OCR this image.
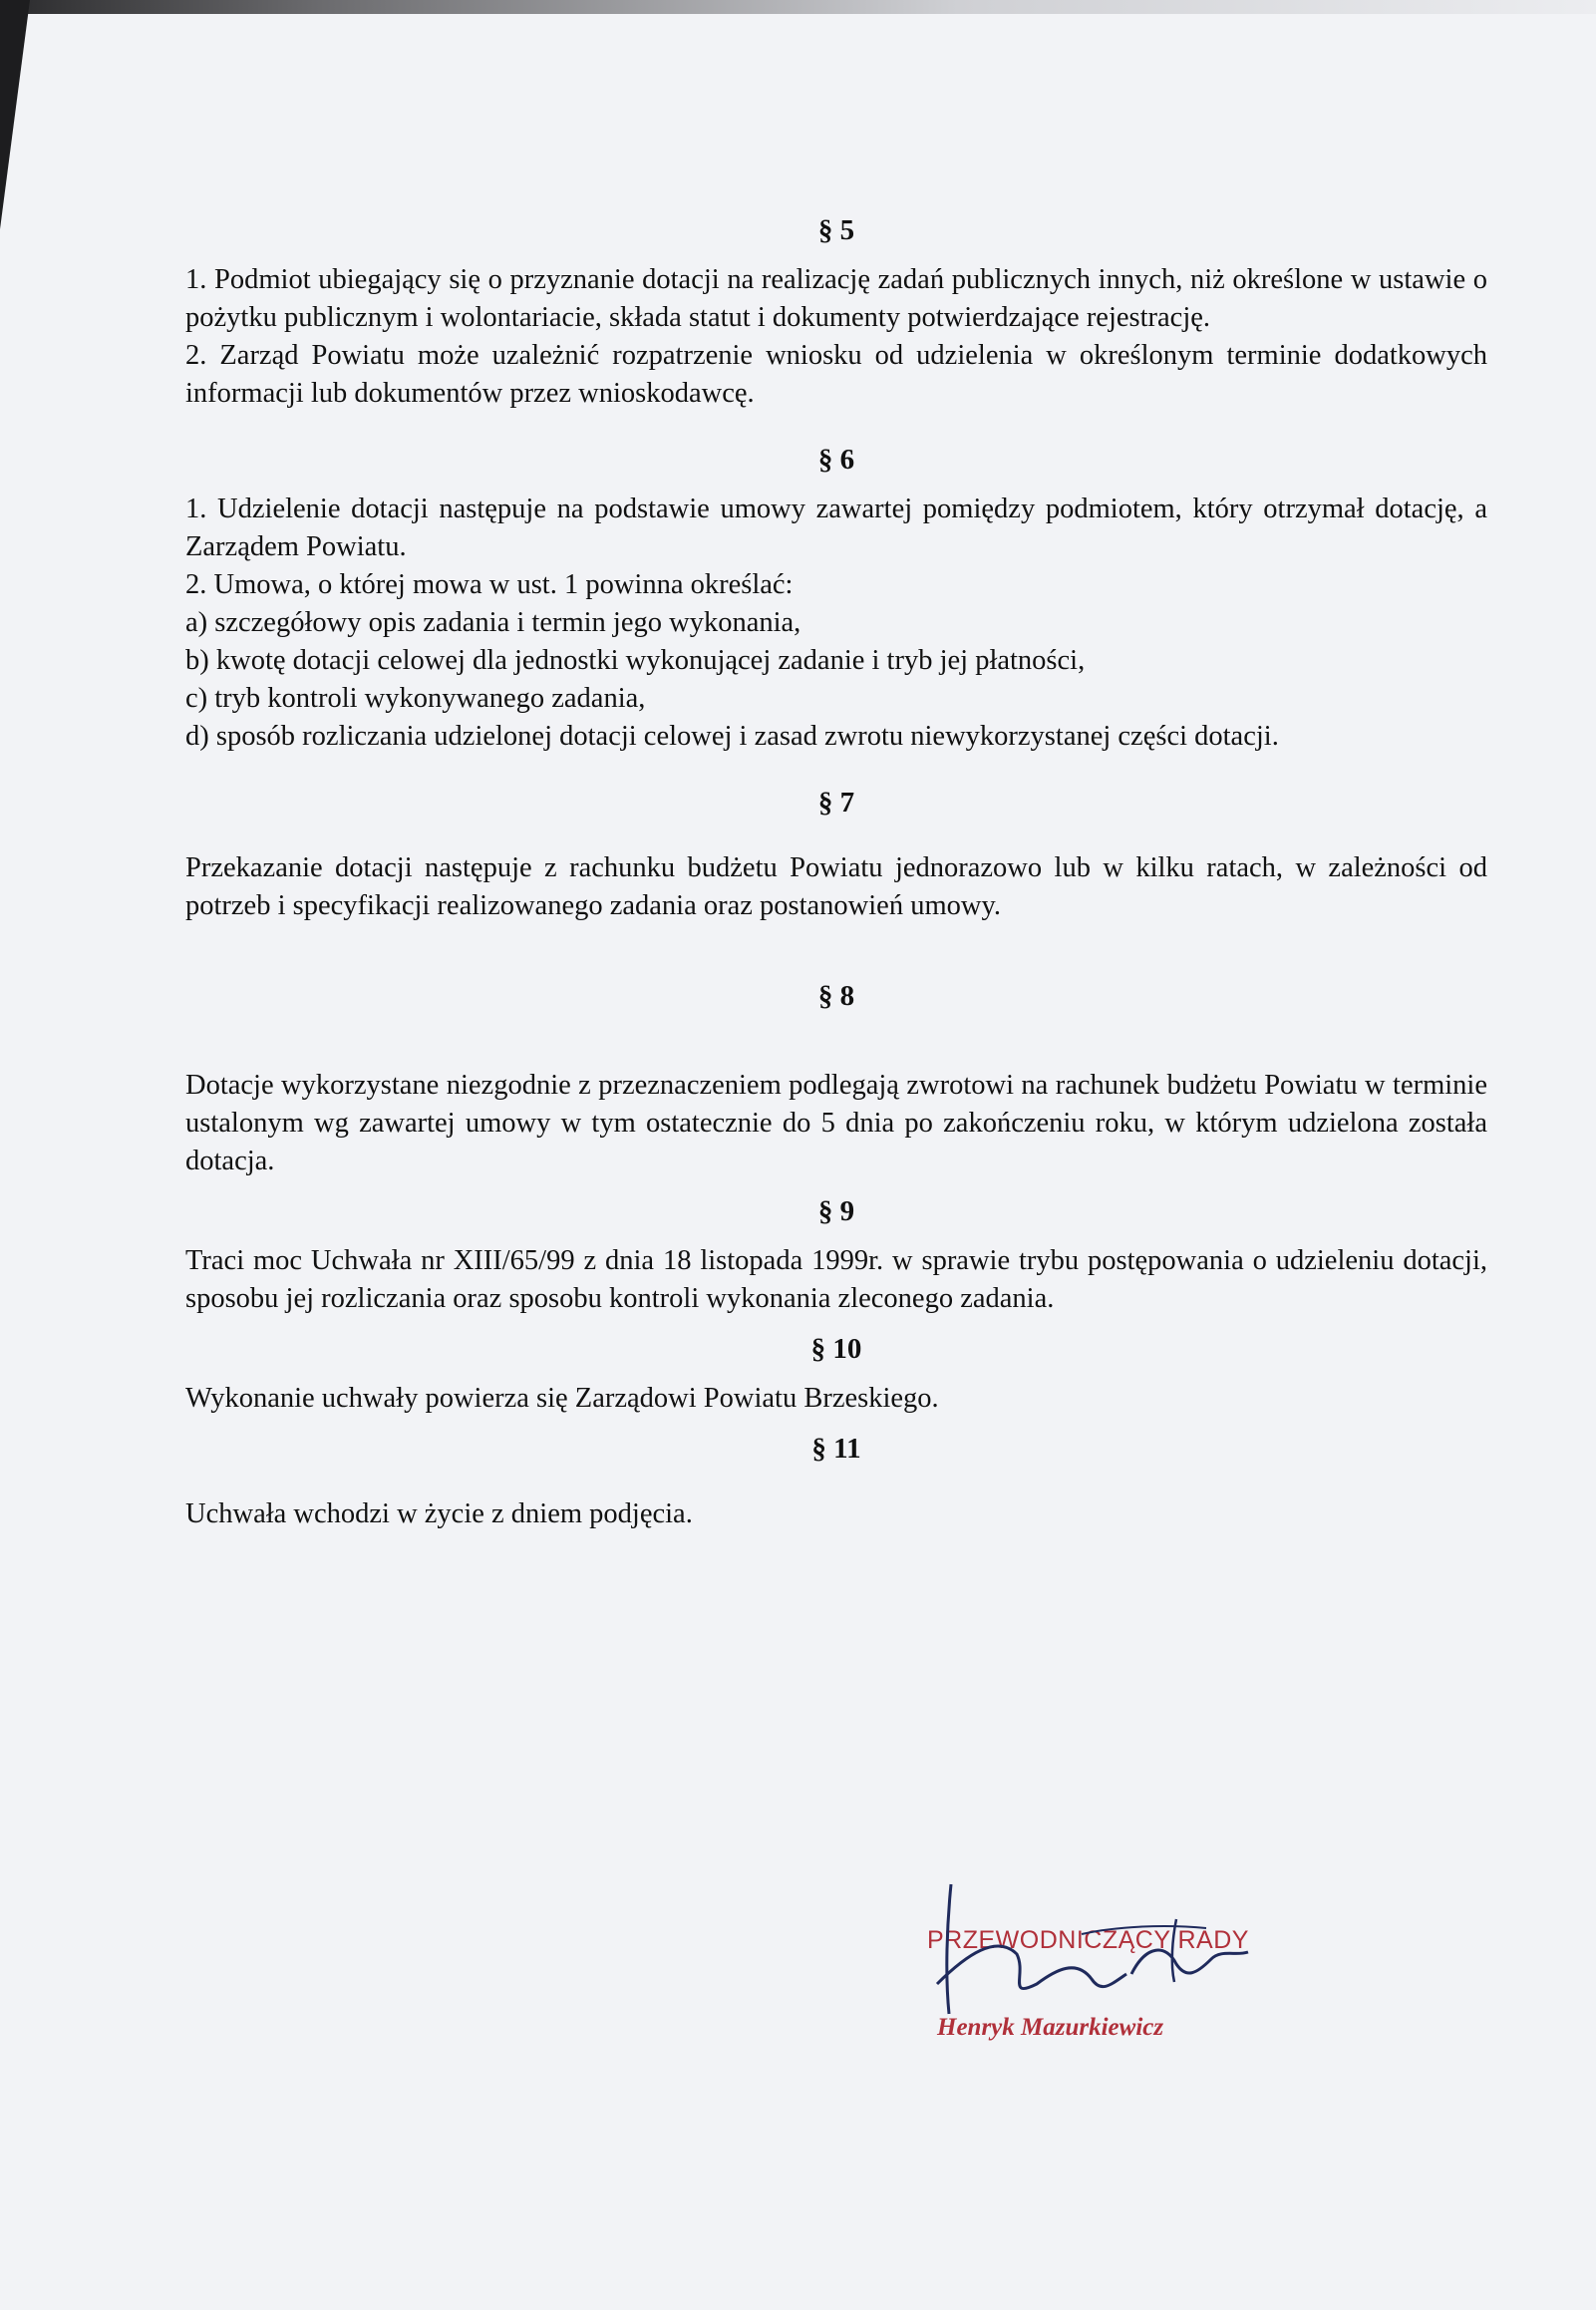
§ 5

1. Podmiot ubiegający się o przyznanie dotacji na realizację zadań publicznych innych, niż określone w ustawie o pożytku publicznym i wolontariacie, składa statut i dokumenty potwierdzające rejestrację.

2. Zarząd Powiatu może uzależnić rozpatrzenie wniosku od udzielenia w określonym terminie dodatkowych informacji lub dokumentów przez wnioskodawcę.

§ 6

1. Udzielenie dotacji następuje na podstawie umowy zawartej pomiędzy podmiotem, który otrzymał dotację, a Zarządem Powiatu.

2. Umowa, o której mowa w ust. 1 powinna określać:

a) szczegółowy opis zadania i termin jego wykonania,

b) kwotę dotacji celowej dla jednostki wykonującej zadanie i tryb jej płatności,

c) tryb kontroli wykonywanego zadania,

d) sposób rozliczania udzielonej dotacji celowej i zasad zwrotu niewykorzystanej części dotacji.

§ 7

Przekazanie dotacji następuje z rachunku budżetu Powiatu jednorazowo lub w kilku ratach, w zależności od potrzeb i specyfikacji realizowanego zadania oraz postanowień umowy.

§ 8

Dotacje wykorzystane niezgodnie z przeznaczeniem podlegają zwrotowi na rachunek budżetu Powiatu w terminie ustalonym wg zawartej umowy w tym ostatecznie do 5 dnia po zakończeniu roku, w którym udzielona została dotacja.

§ 9

Traci moc Uchwała nr XIII/65/99 z dnia 18 listopada 1999r. w sprawie trybu postępowania o udzieleniu dotacji, sposobu jej rozliczania oraz sposobu kontroli wykonania zleconego zadania.

§ 10

Wykonanie uchwały powierza się Zarządowi Powiatu Brzeskiego.

§ 11

Uchwała wchodzi w życie z dniem podjęcia.

PRZEWODNICZĄCY RADY
Henryk Mazurkiewicz
